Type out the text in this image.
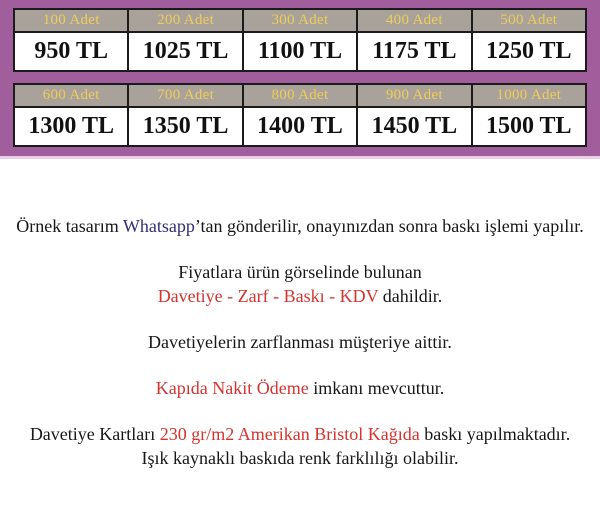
100 Adet	200 Adet	300 Adet	400 Adet	500 Adet
950 TL	1025 TL	1100 TL	1175 TL	1250 TL
600 Adet	700 Adet	800 Adet	900 Adet	1000 Adet
1300 TL	1350 TL	1400 TL	1450 TL	1500 TL
Örnek tasarım Whatsapp’tan gönderilir, onayınızdan sonra baskı işlemi yapılır.
Fiyatlara ürün görselinde bulunan
Davetiye - Zarf - Baskı - KDV dahildir.
Davetiyelerin zarflanması müşteriye aittir.
Kapıda Nakit Ödeme imkanı mevcuttur.
Davetiye Kartları 230 gr/m2 Amerikan Bristol Kağıda baskı yapılmaktadır.
Işık kaynaklı baskıda renk farklılığı olabilir.
